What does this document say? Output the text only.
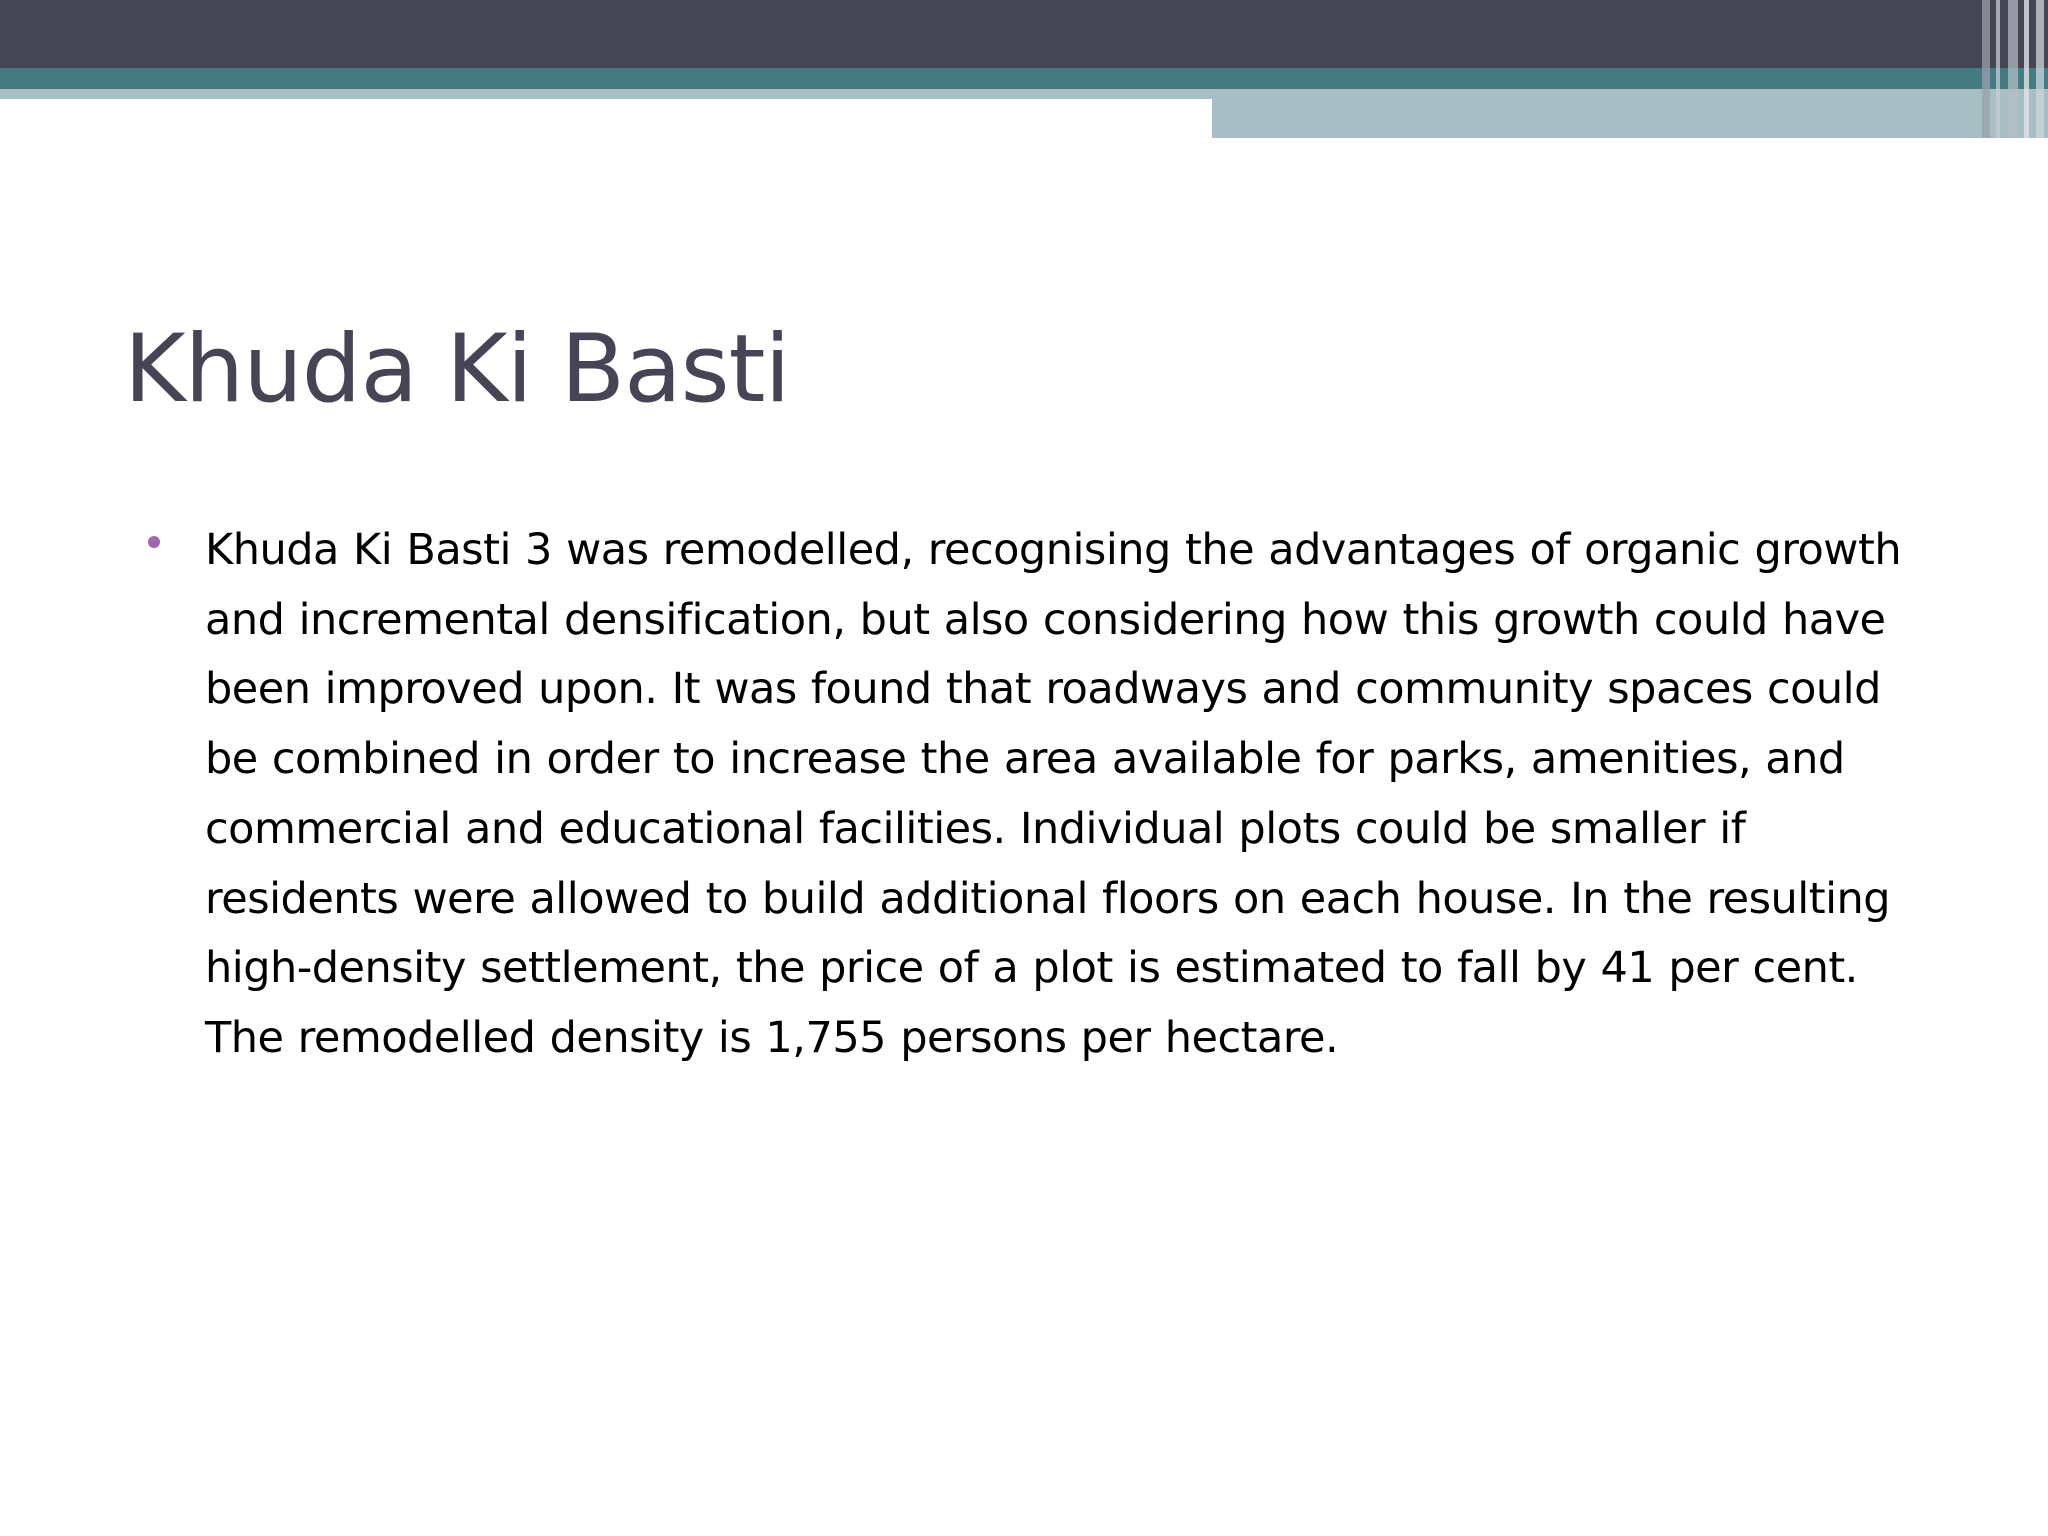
Khuda Ki Basti

Khuda Ki Basti 3 was remodelled, recognising the advantages of organic growth and incremental densification, but also considering how this growth could have been improved upon. It was found that roadways and community spaces could be combined in order to increase the area available for parks, amenities, and commercial and educational facilities. Individual plots could be smaller if residents were allowed to build additional floors on each house. In the resulting high-density settlement, the price of a plot is estimated to fall by 41 per cent. The remodelled density is 1,755 persons per hectare.
